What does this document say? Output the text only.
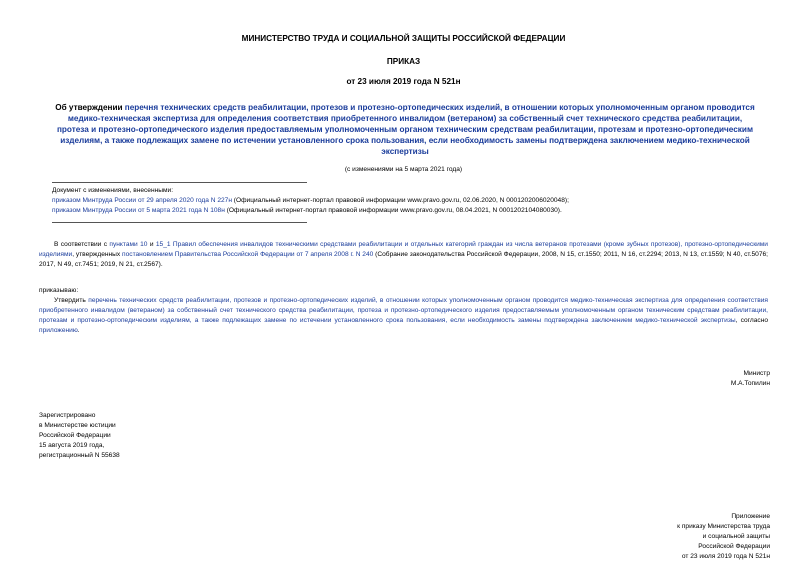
МИНИСТЕРСТВО ТРУДА И СОЦИАЛЬНОЙ ЗАЩИТЫ РОССИЙСКОЙ ФЕДЕРАЦИИ
ПРИКАЗ
от 23 июля 2019 года N 521н
Об утверждении перечня технических средств реабилитации, протезов и протезно-ортопедических изделий, в отношении которых уполномоченным органом проводится медико-техническая экспертиза для определения соответствия приобретенного инвалидом (ветераном) за собственный счет технического средства реабилитации, протеза и протезно-ортопедического изделия предоставляемым уполномоченным органом техническим средствам реабилитации, протезам и протезно-ортопедическим изделиям, а также подлежащих замене по истечении установленного срока пользования, если необходимость замены подтверждена заключением медико-технической экспертизы
(с изменениями на 5 марта 2021 года)
Документ с изменениями, внесенными:
приказом Минтруда России от 29 апреля 2020 года N 227н (Официальный интернет-портал правовой информации www.pravo.gov.ru, 02.06.2020, N 0001202006020048);
приказом Минтруда России от 5 марта 2021 года N 108н (Официальный интернет-портал правовой информации www.pravo.gov.ru, 08.04.2021, N 0001202104080030).
В соответствии с пунктами 10 и 15_1 Правил обеспечения инвалидов техническими средствами реабилитации и отдельных категорий граждан из числа ветеранов протезами (кроме зубных протезов), протезно-ортопедическими изделиями, утвержденных постановлением Правительства Российской Федерации от 7 апреля 2008 г. N 240 (Собрание законодательства Российской Федерации, 2008, N 15, ст.1550; 2011, N 16, ст.2294; 2013, N 13, ст.1559; N 40, ст.5076; 2017, N 49, ст.7451; 2019, N 21, ст.2567).
приказываю:
Утвердить перечень технических средств реабилитации, протезов и протезно-ортопедических изделий, в отношении которых уполномоченным органом проводится медико-техническая экспертиза для определения соответствия приобретенного инвалидом (ветераном) за собственный счет технического средства реабилитации, протеза и протезно-ортопедического изделия предоставляемым уполномоченным органом техническим средствам реабилитации, протезам и протезно-ортопедическим изделиям, а также подлежащих замене по истечении установленного срока пользования, если необходимость замены подтверждена заключением медико-технической экспертизы, согласно приложению.
Министр
М.А.Топилин
Зарегистрировано
в Министерстве юстиции
Российской Федерации
15 августа 2019 года,
регистрационный N 55638
Приложение
к приказу Министерства труда
и социальной защиты
Российской Федерации
от 23 июля 2019 года N 521н
